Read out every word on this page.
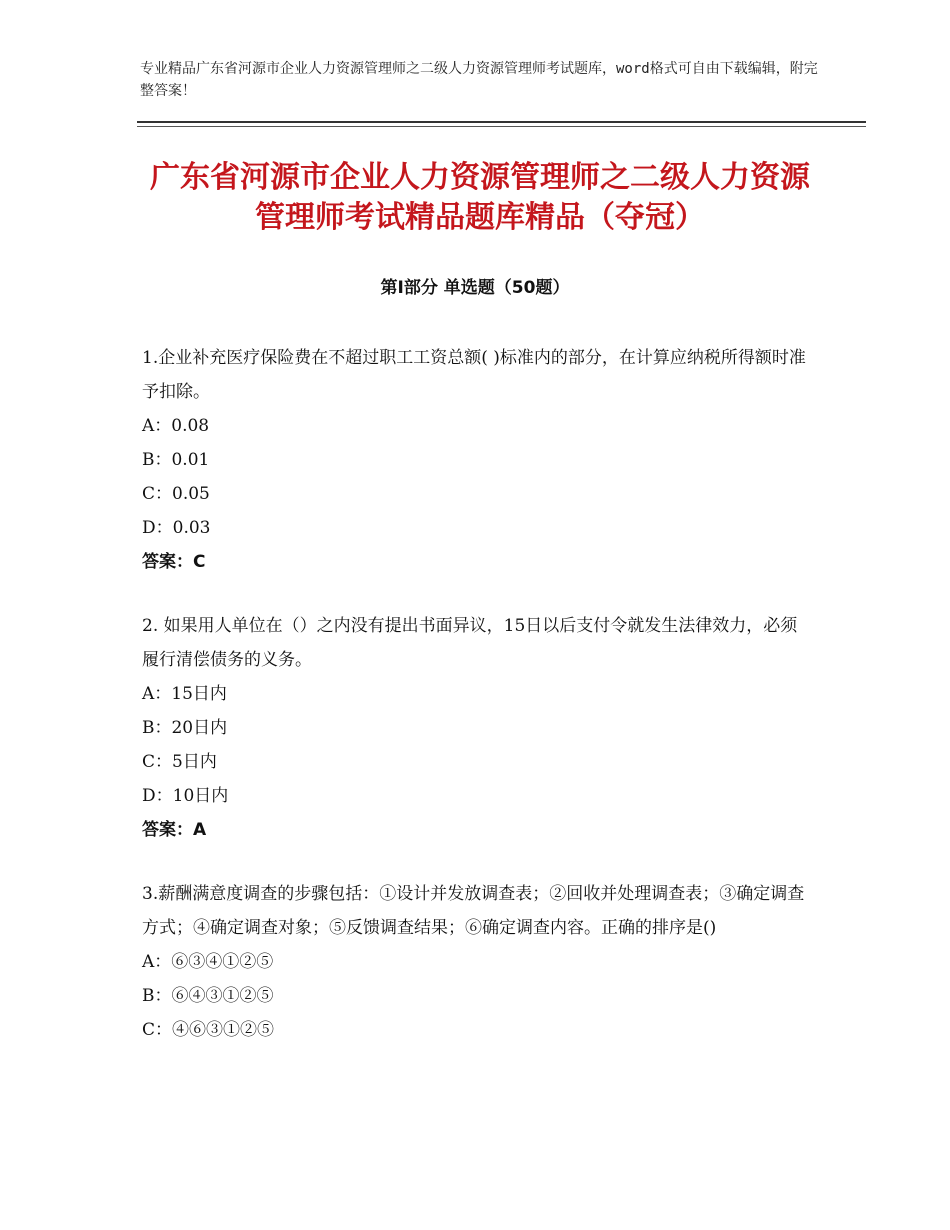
专业精品广东省河源市企业人力资源管理师之二级人力资源管理师考试题库，word格式可自由下载编辑，附完整答案！
广东省河源市企业人力资源管理师之二级人力资源管理师考试精品题库精品（夺冠）
第Ⅰ部分 单选题（50题）
1.企业补充医疗保险费在不超过职工工资总额( )标准内的部分，在计算应纳税所得额时准予扣除。
A：0.08
B：0.01
C：0.05
D：0.03
答案：C
2. 如果用人单位在（）之内没有提出书面异议，15日以后支付令就发生法律效力，必须履行清偿债务的义务。
A：15日内
B：20日内
C：5日内
D：10日内
答案：A
3.薪酬满意度调查的步骤包括：①设计并发放调查表；②回收并处理调查表；③确定调查方式；④确定调查对象；⑤反馈调查结果；⑥确定调查内容。正确的排序是()
A：⑥③④①②⑤
B：⑥④③①②⑤
C：④⑥③①②⑤
